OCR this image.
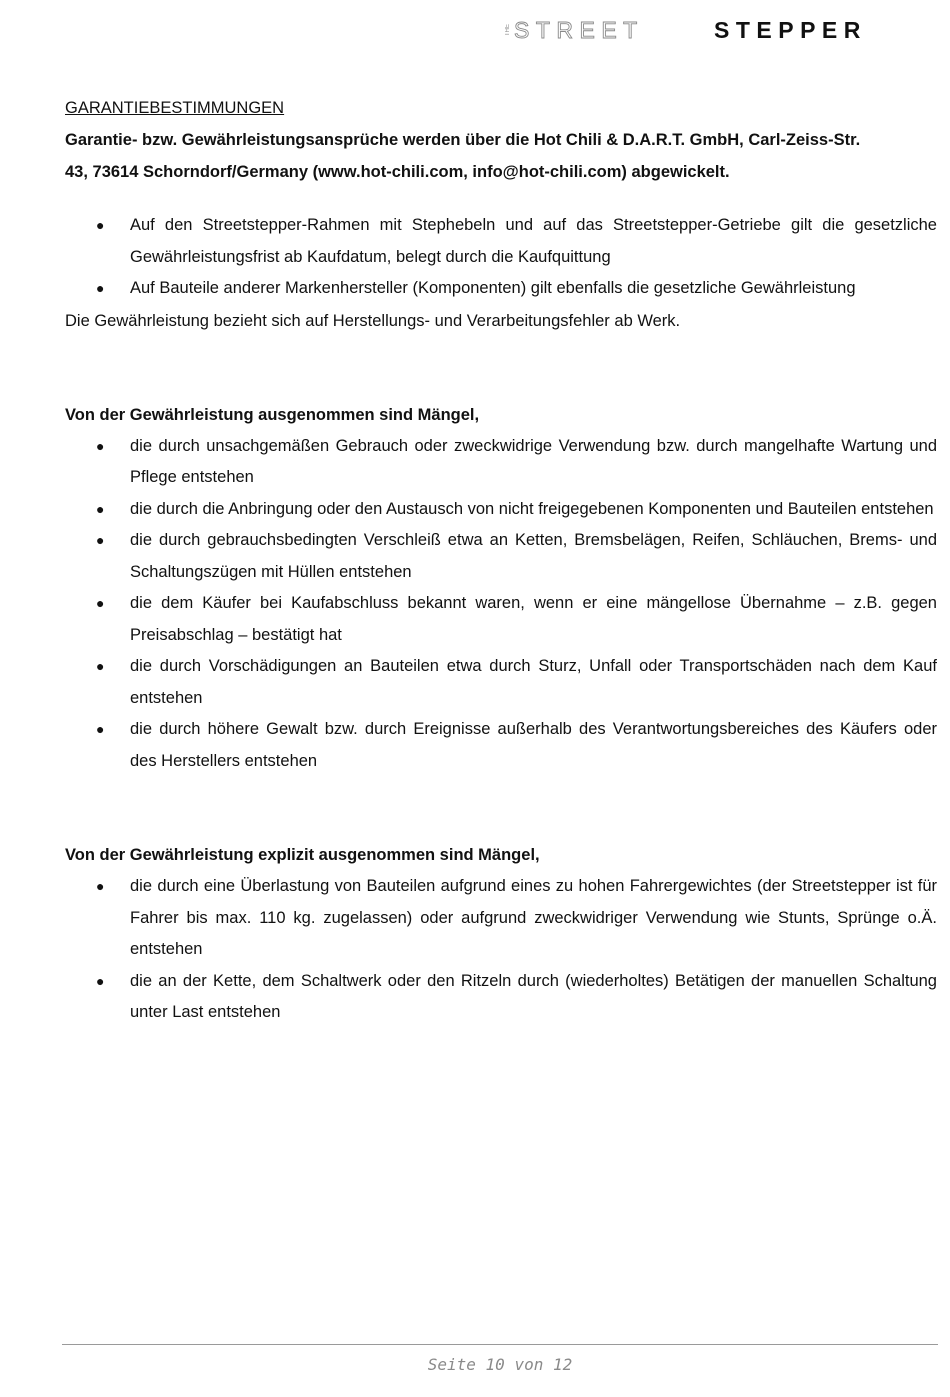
THE STREET	STEPPER

GARANTIEBESTIMMUNGEN

Garantie- bzw. Gewährleistungsansprüche werden über die Hot Chili & D.A.R.T. GmbH, Carl-Zeiss-Str.

43, 73614 Schorndorf/Germany (www.hot-chili.com, info@hot-chili.com) abgewickelt.

● Auf den Streetstepper-Rahmen mit Stephebeln und auf das Streetstepper-Getriebe gilt die gesetzliche Gewährleistungsfrist ab Kaufdatum, belegt durch die Kaufquittung
● Auf Bauteile anderer Markenhersteller (Komponenten) gilt ebenfalls die gesetzliche Gewährleistung

Die Gewährleistung bezieht sich auf Herstellungs- und Verarbeitungsfehler ab Werk.

Von der Gewährleistung ausgenommen sind Mängel,

● die durch unsachgemäßen Gebrauch oder zweckwidrige Verwendung bzw. durch mangelhafte Wartung und Pflege entstehen
● die durch die Anbringung oder den Austausch von nicht freigegebenen Komponenten und Bauteilen entstehen
● die durch gebrauchsbedingten Verschleiß etwa an Ketten, Bremsbelägen, Reifen, Schläuchen, Brems- und Schaltungszügen mit Hüllen entstehen
● die dem Käufer bei Kaufabschluss bekannt waren, wenn er eine mängellose Übernahme – z.B. gegen Preisabschlag – bestätigt hat
● die durch Vorschädigungen an Bauteilen etwa durch Sturz, Unfall oder Transportschäden nach dem Kauf entstehen
● die durch höhere Gewalt bzw. durch Ereignisse außerhalb des Verantwortungsbereiches des Käufers oder des Herstellers entstehen

Von der Gewährleistung explizit ausgenommen sind Mängel,

● die durch eine Überlastung von Bauteilen aufgrund eines zu hohen Fahrergewichtes (der Streetstepper ist für Fahrer bis max. 110 kg. zugelassen) oder aufgrund zweckwidriger Verwendung wie Stunts, Sprünge o.Ä. entstehen
● die an der Kette, dem Schaltwerk oder den Ritzeln durch (wiederholtes) Betätigen der manuellen Schaltung unter Last entstehen
Seite 10 von 12
